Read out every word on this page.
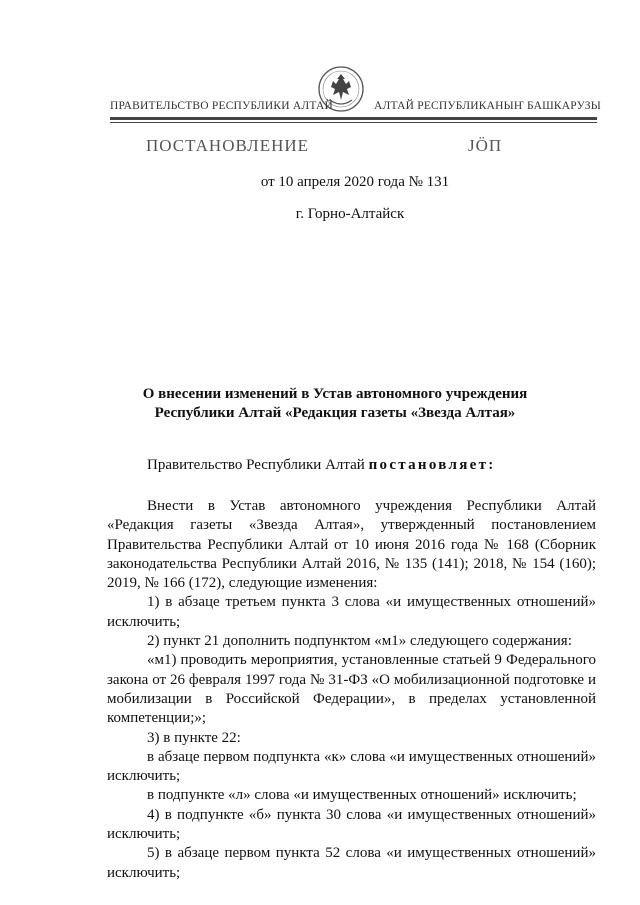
ПРАВИТЕЛЬСТВО РЕСПУБЛИКИ АЛТАЙ	АЛТАЙ РЕСПУБЛИКАНЫҤ БАШКАРУЗЫ
ПОСТАНОВЛЕНИЕ	JÖП
от 10 апреля 2020 года № 131
г. Горно-Алтайск
О внесении изменений в Устав автономного учреждения
Республики Алтай «Редакция газеты «Звезда Алтая»
Правительство Республики Алтай постановляет:

Внести в Устав автономного учреждения Республики Алтай «Редакция газеты «Звезда Алтая», утвержденный постановлением Правительства Республики Алтай от 10 июня 2016 года № 168 (Сборник законодательства Республики Алтай 2016, № 135 (141); 2018, № 154 (160); 2019, № 166 (172), следующие изменения:

1) в абзаце третьем пункта 3 слова «и имущественных отношений» исключить;

2) пункт 21 дополнить подпунктом «м1» следующего содержания:

«м1) проводить мероприятия, установленные статьей 9 Федерального закона от 26 февраля 1997 года № 31-ФЗ «О мобилизационной подготовке и мобилизации в Российской Федерации», в пределах установленной компетенции;»;

3) в пункте 22:

в абзаце первом подпункта «к» слова «и имущественных отношений» исключить;

в подпункте «л» слова «и имущественных отношений» исключить;

4) в подпункте «б» пункта 30 слова «и имущественных отношений» исключить;

5) в абзаце первом пункта 52 слова «и имущественных отношений» исключить;
